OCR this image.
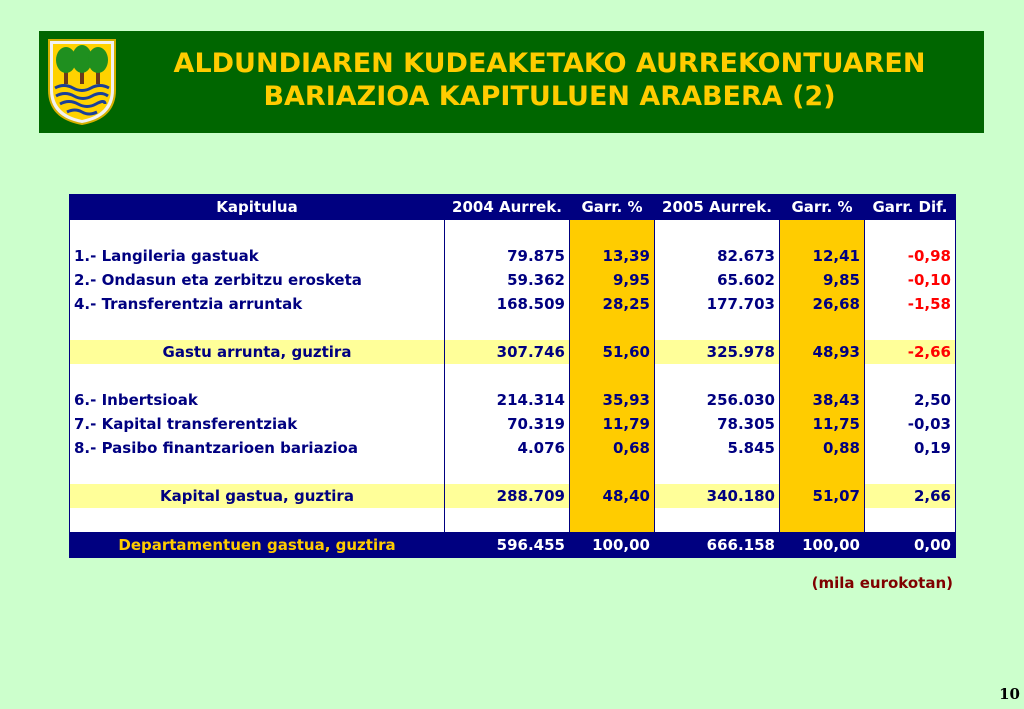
ALDUNDIAREN KUDEAKETAKO AURREKONTUAREN
BARIAZIOA KAPITULUEN ARABERA (2)
Kapitulua	2004 Aurrek.	Garr. %	2005 Aurrek.	Garr. %	Garr. Dif.

1.- Langileria gastuak	79.875	13,39	82.673	12,41	-0,98
2.- Ondasun eta zerbitzu erosketa	59.362	9,95	65.602	9,85	-0,10
4.- Transferentzia arruntak	168.509	28,25	177.703	26,68	-1,58

Gastu arrunta, guztira	307.746	51,60	325.978	48,93	-2,66

6.- Inbertsioak	214.314	35,93	256.030	38,43	2,50
7.- Kapital transferentziak	70.319	11,79	78.305	11,75	-0,03
8.- Pasibo finantzarioen bariazioa	4.076	0,68	5.845	0,88	0,19

Kapital gastua, guztira	288.709	48,40	340.180	51,07	2,66

Departamentuen gastua, guztira	596.455	100,00	666.158	100,00	0,00
(mila eurokotan)
10
